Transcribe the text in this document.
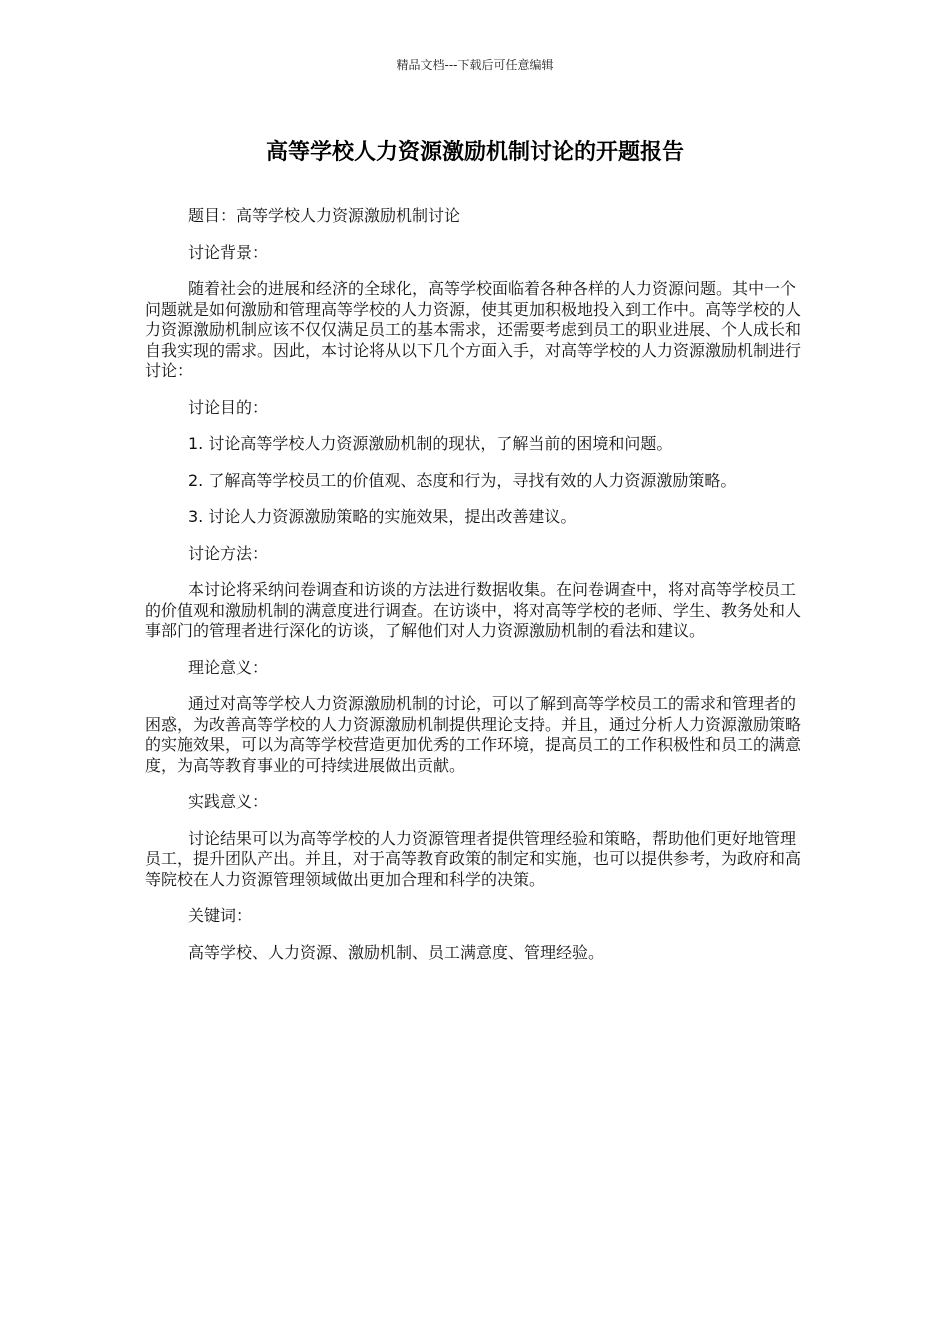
精品文档---下载后可任意编辑
高等学校人力资源激励机制讨论的开题报告

题目：高等学校人力资源激励机制讨论

讨论背景：

随着社会的进展和经济的全球化，高等学校面临着各种各样的人力资源问题。其中一个问题就是如何激励和管理高等学校的人力资源，使其更加积极地投入到工作中。高等学校的人力资源激励机制应该不仅仅满足员工的基本需求，还需要考虑到员工的职业进展、个人成长和自我实现的需求。因此，本讨论将从以下几个方面入手，对高等学校的人力资源激励机制进行讨论：

讨论目的：

1. 讨论高等学校人力资源激励机制的现状，了解当前的困境和问题。

2. 了解高等学校员工的价值观、态度和行为，寻找有效的人力资源激励策略。

3. 讨论人力资源激励策略的实施效果，提出改善建议。

讨论方法：

本讨论将采纳问卷调查和访谈的方法进行数据收集。在问卷调查中，将对高等学校员工的价值观和激励机制的满意度进行调查。在访谈中，将对高等学校的老师、学生、教务处和人事部门的管理者进行深化的访谈，了解他们对人力资源激励机制的看法和建议。

理论意义：

通过对高等学校人力资源激励机制的讨论，可以了解到高等学校员工的需求和管理者的困惑，为改善高等学校的人力资源激励机制提供理论支持。并且，通过分析人力资源激励策略的实施效果，可以为高等学校营造更加优秀的工作环境，提高员工的工作积极性和员工的满意度，为高等教育事业的可持续进展做出贡献。

实践意义：

讨论结果可以为高等学校的人力资源管理者提供管理经验和策略，帮助他们更好地管理员工，提升团队产出。并且，对于高等教育政策的制定和实施，也可以提供参考，为政府和高等院校在人力资源管理领域做出更加合理和科学的决策。

关键词：

高等学校、人力资源、激励机制、员工满意度、管理经验。
